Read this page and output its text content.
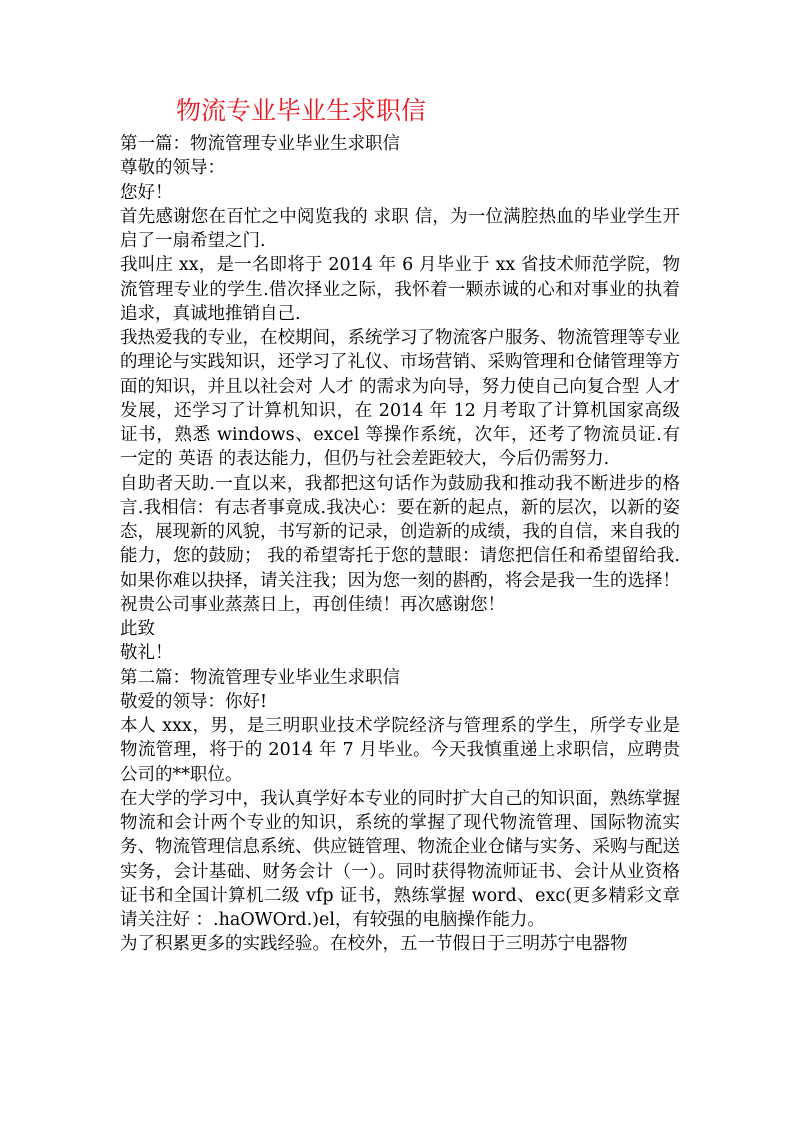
物流专业毕业生求职信

第一篇：物流管理专业毕业生求职信

尊敬的领导：

您好！

首先感谢您在百忙之中阅览我的 求职 信，为一位满腔热血的毕业学生开启了一扇希望之门.

我叫庄 xx，是一名即将于 2014 年 6 月毕业于 xx 省技术师范学院，物流管理专业的学生.借次择业之际，我怀着一颗赤诚的心和对事业的执着追求，真诚地推销自己.

我热爱我的专业，在校期间，系统学习了物流客户服务、物流管理等专业的理论与实践知识，还学习了礼仪、市场营销、采购管理和仓储管理等方面的知识，并且以社会对 人才 的需求为向导，努力使自己向复合型 人才 发展，还学习了计算机知识，在 2014 年 12 月考取了计算机国家高级证书，熟悉 windows、excel 等操作系统，次年，还考了物流员证.有一定的 英语 的表达能力，但仍与社会差距较大，今后仍需努力.

自助者天助.一直以来，我都把这句话作为鼓励我和推动我不断进步的格言.我相信：有志者事竟成.我决心：要在新的起点，新的层次，以新的姿态，展现新的风貌，书写新的记录，创造新的成绩，我的自信，来自我的能力，您的鼓励； 我的希望寄托于您的慧眼：请您把信任和希望留给我.如果你难以抉择，请关注我；因为您一刻的斟酌，将会是我一生的选择！

祝贵公司事业蒸蒸日上，再创佳绩！再次感谢您！

此致

敬礼！

第二篇：物流管理专业毕业生求职信

敬爱的领导：你好!

本人 xxx，男，是三明职业技术学院经济与管理系的学生，所学专业是物流管理，将于的 2014 年 7 月毕业。今天我慎重递上求职信，应聘贵公司的**职位。

在大学的学习中，我认真学好本专业的同时扩大自己的知识面，熟练掌握物流和会计两个专业的知识，系统的掌握了现代物流管理、国际物流实务、物流管理信息系统、供应链管理、物流企业仓储与实务、采购与配送实务，会计基础、财务会计（一）。同时获得物流师证书、会计从业资格证书和全国计算机二级 vfp 证书，熟练掌握 word、exc(更多精彩文章请关注好 ：.haOWOrd.)el，有较强的电脑操作能力。

为了积累更多的实践经验。在校外，五一节假日于三明苏宁电器物
